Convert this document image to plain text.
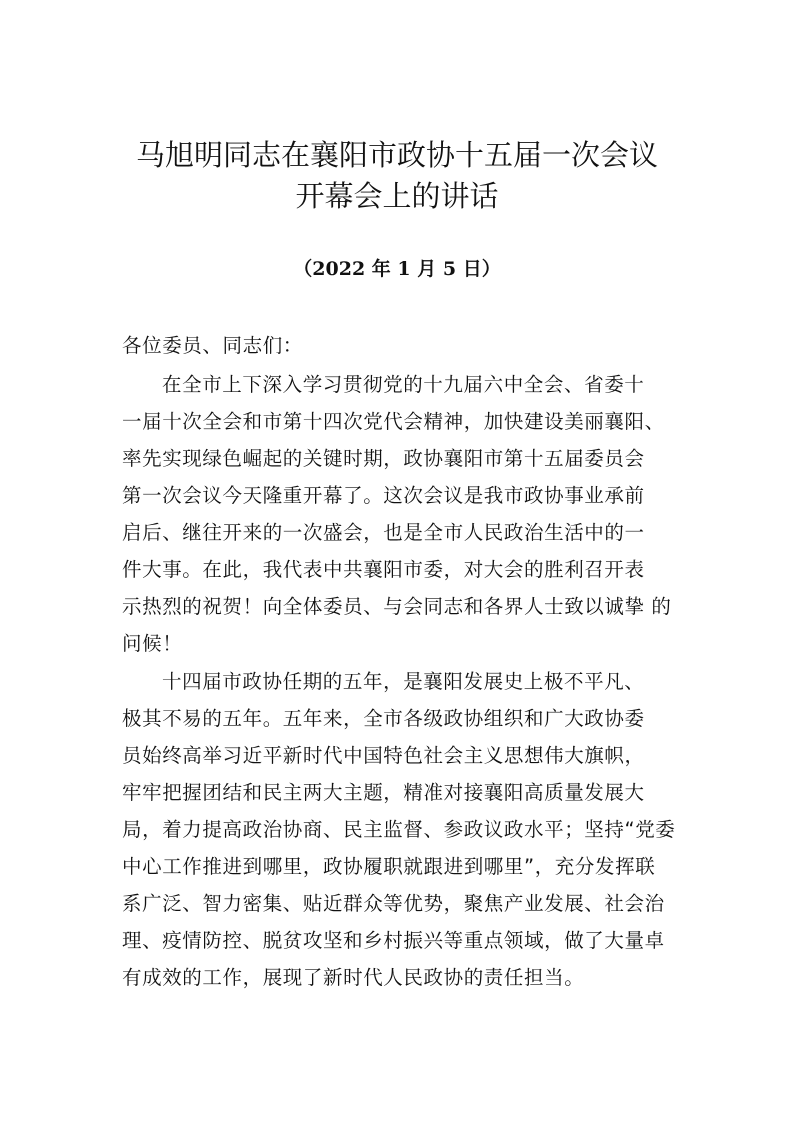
马旭明同志在襄阳市政协十五届一次会议
开幕会上的讲话
（2022 年 1 月 5 日）
各位委员、同志们：
在全市上下深入学习贯彻党的十九届六中全会、省委十
一届十次全会和市第十四次党代会精神，加快建设美丽襄阳、
率先实现绿色崛起的关键时期，政协襄阳市第十五届委员会
第一次会议今天隆重开幕了。这次会议是我市政协事业承前
启后、继往开来的一次盛会，也是全市人民政治生活中的一
件大事。在此，我代表中共襄阳市委，对大会的胜利召开表
示热烈的祝贺！向全体委员、与会同志和各界人士致以诚挚 的
问候！
十四届市政协任期的五年，是襄阳发展史上极不平凡、
极其不易的五年。五年来，全市各级政协组织和广大政协委
员始终高举习近平新时代中国特色社会主义思想伟大旗帜，
牢牢把握团结和民主两大主题，精准对接襄阳高质量发展大
局，着力提高政治协商、民主监督、参政议政水平；坚持“党委
中心工作推进到哪里，政协履职就跟进到哪里”，充分发挥联
系广泛、智力密集、贴近群众等优势，聚焦产业发展、社会治
理、疫情防控、脱贫攻坚和乡村振兴等重点领域，做了大量卓
有成效的工作，展现了新时代人民政协的责任担当。
